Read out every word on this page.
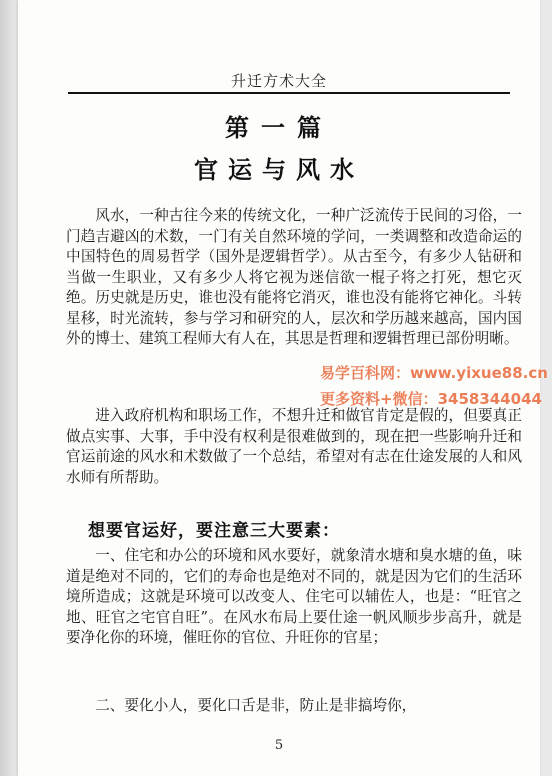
升迁方术大全
第一篇
官运与风水
风水，一种古往今来的传统文化，一种广泛流传于民间的习俗，一门趋吉避凶的术数，一门有关自然环境的学问，一类调整和改造命运的中国特色的周易哲学（国外是逻辑哲学）。从古至今，有多少人钻研和当做一生职业，又有多少人将它视为迷信欲一棍子将之打死，想它灭绝。历史就是历史，谁也没有能将它消灭，谁也没有能将它神化。斗转星移，时光流转，参与学习和研究的人，层次和学历越来越高，国内国外的博士、建筑工程师大有人在，其思是哲理和逻辑哲理已部份明晰。
进入政府机构和职场工作，不想升迁和做官肯定是假的，但要真正做点实事、大事，手中没有权利是很难做到的，现在把一些影响升迁和官运前途的风水和术数做了一个总结，希望对有志在仕途发展的人和风水师有所帮助。
想要官运好，要注意三大要素：
一、住宅和办公的环境和风水要好，就象清水塘和臭水塘的鱼，味道是绝对不同的，它们的寿命也是绝对不同的，就是因为它们的生活环境所造成；这就是环境可以改变人、住宅可以辅佐人，也是：“旺官之地、旺官之宅官自旺”。在风水布局上要仕途一帆风顺步步高升，就是要净化你的环境，催旺你的官位、升旺你的官星；
二、要化小人，要化口舌是非，防止是非搞垮你，
5
易学百科网：www.yixue88.cn
更多资料+微信：3458344044
